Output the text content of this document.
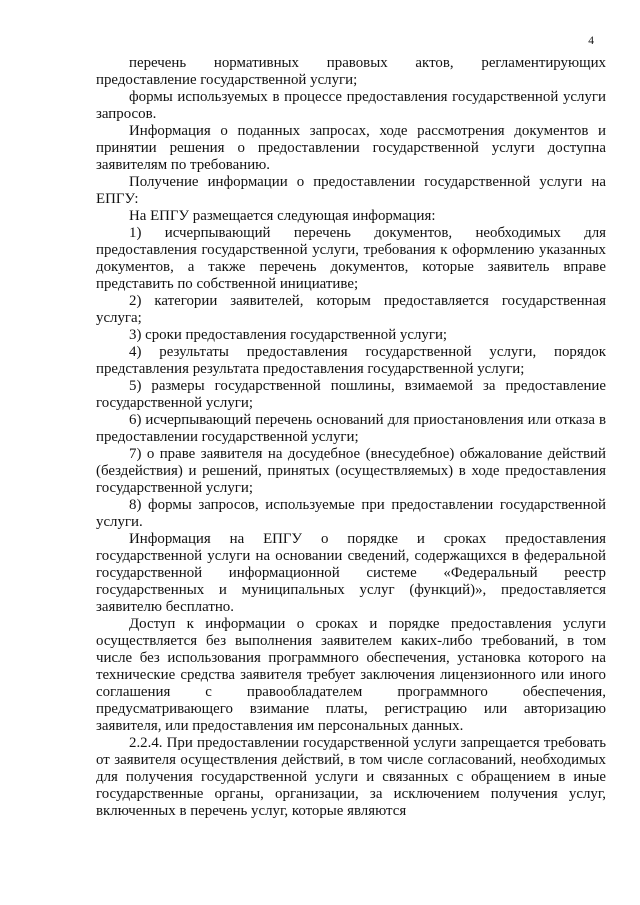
4

перечень нормативных правовых актов, регламентирующих предоставление государственной услуги;

формы используемых в процессе предоставления государственной услуги запросов.

Информация о поданных запросах, ходе рассмотрения документов и принятии решения о предоставлении государственной услуги доступна заявителям по требованию.

Получение информации о предоставлении государственной услуги на ЕПГУ:

На ЕПГУ размещается следующая информация:

1) исчерпывающий перечень документов, необходимых для предоставления государственной услуги, требования к оформлению указанных документов, а также перечень документов, которые заявитель вправе представить по собственной инициативе;

2) категории заявителей, которым предоставляется государственная услуга;

3) сроки предоставления государственной услуги;

4) результаты предоставления государственной услуги, порядок представления результата предоставления государственной услуги;

5) размеры государственной пошлины, взимаемой за предоставление государственной услуги;

6) исчерпывающий перечень оснований для приостановления или отказа в предоставлении государственной услуги;

7) о праве заявителя на досудебное (внесудебное) обжалование действий (бездействия) и решений, принятых (осуществляемых) в ходе предоставления государственной услуги;

8) формы запросов, используемые при предоставлении государственной услуги.

Информация на ЕПГУ о порядке и сроках предоставления государственной услуги на основании сведений, содержащихся в федеральной государственной информационной системе «Федеральный реестр государственных и муниципальных услуг (функций)», предоставляется заявителю бесплатно.

Доступ к информации о сроках и порядке предоставления услуги осуществляется без выполнения заявителем каких-либо требований, в том числе без использования программного обеспечения, установка которого на технические средства заявителя требует заключения лицензионного или иного соглашения с правообладателем программного обеспечения, предусматривающего взимание платы, регистрацию или авторизацию заявителя, или предоставления им персональных данных.

2.2.4. При предоставлении государственной услуги запрещается требовать от заявителя осуществления действий, в том числе согласований, необходимых для получения государственной услуги и связанных с обращением в иные государственные органы, организации, за исключением получения услуг, включенных в перечень услуг, которые являются
